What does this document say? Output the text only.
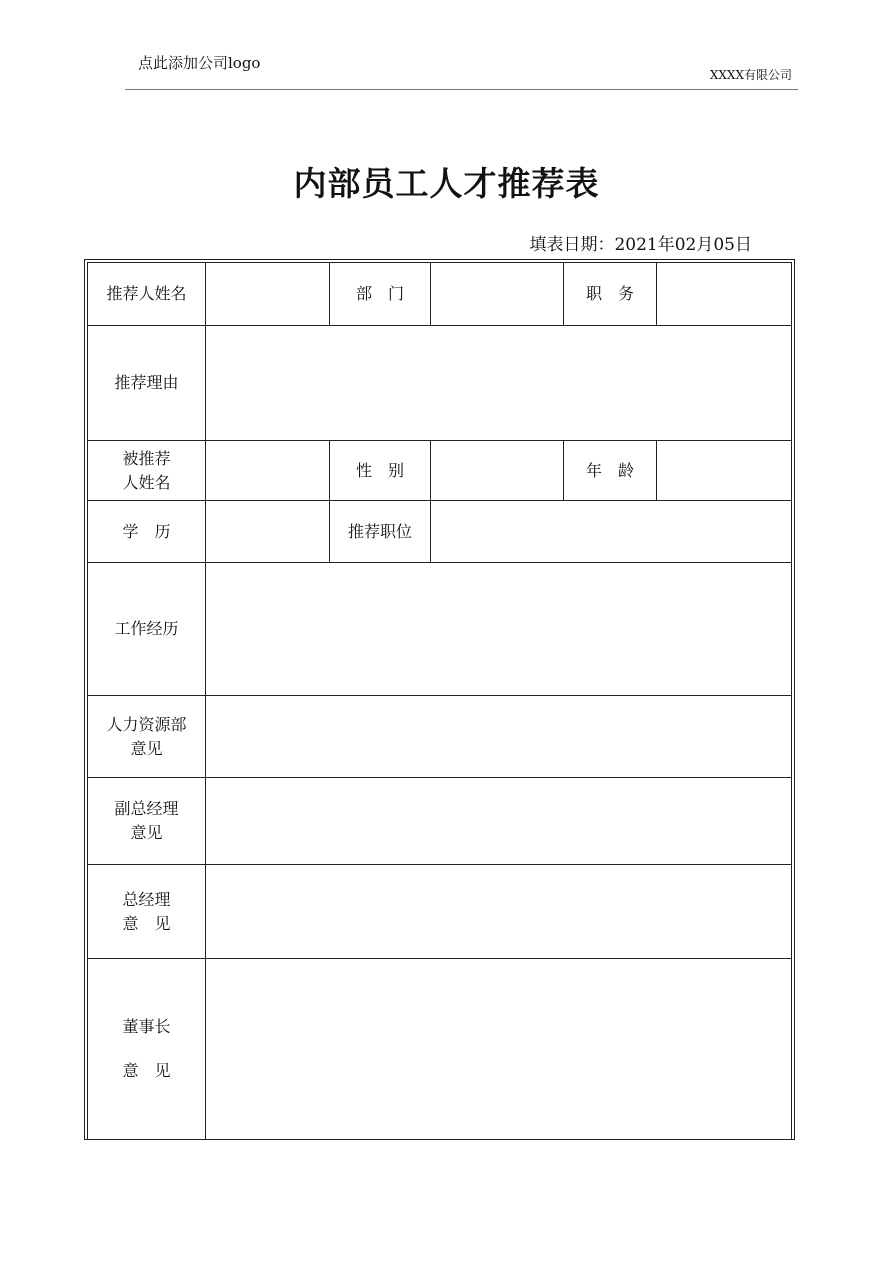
点此添加公司logo
XXXX有限公司
内部员工人才推荐表
填表日期：2021年02月05日
推荐人姓名		部　门		职　务	
推荐理由					

被推荐
人姓名		性　别		年　龄	
学　历		推荐职位			
工作经历					

人力资源部
意见					

副总经理
意见					

总经理
意　见					

董事长
意　见					
